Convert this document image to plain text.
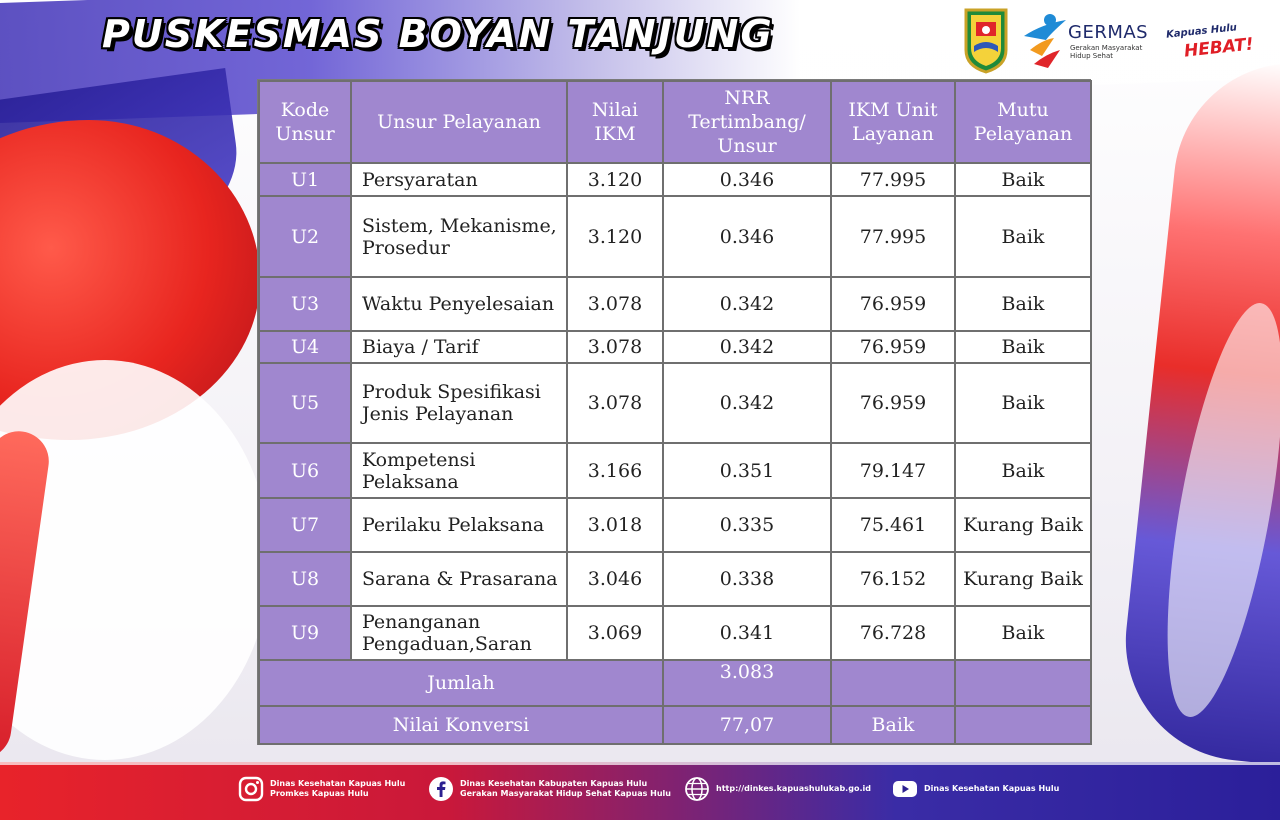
PUSKESMAS BOYAN TANJUNG	GERMAS
Gerakan Masyarakat Hidup Sehat
Kapuas Hulu
HEBAT!
Kode Unsur	Unsur Pelayanan	Nilai IKM	NRR Tertimbang/ Unsur	IKM Unit Layanan	Mutu Pelayanan
U1	Persyaratan	3.120	0.346	77.995	Baik
U2	Sistem, Mekanisme, Prosedur	3.120	0.346	77.995	Baik
U3	Waktu Penyelesaian	3.078	0.342	76.959	Baik
U4	Biaya / Tarif	3.078	0.342	76.959	Baik
U5	Produk Spesifikasi Jenis Pelayanan	3.078	0.342	76.959	Baik
U6	Kompetensi Pelaksana	3.166	0.351	79.147	Baik
U7	Perilaku Pelaksana	3.018	0.335	75.461	Kurang Baik
U8	Sarana & Prasarana	3.046	0.338	76.152	Kurang Baik
U9	Penanganan Pengaduan,Saran	3.069	0.341	76.728	Baik
Jumlah			3.083		
Nilai Konversi			77,07	Baik	
Dinas Kesehatan Kapuas Hulu
Promkes Kapuas Hulu
Dinas Kesehatan Kabupaten Kapuas Hulu
Gerakan Masyarakat Hidup Sehat Kapuas Hulu
http://dinkes.kapuashulukab.go.id	Dinas Kesehatan Kapuas Hulu
